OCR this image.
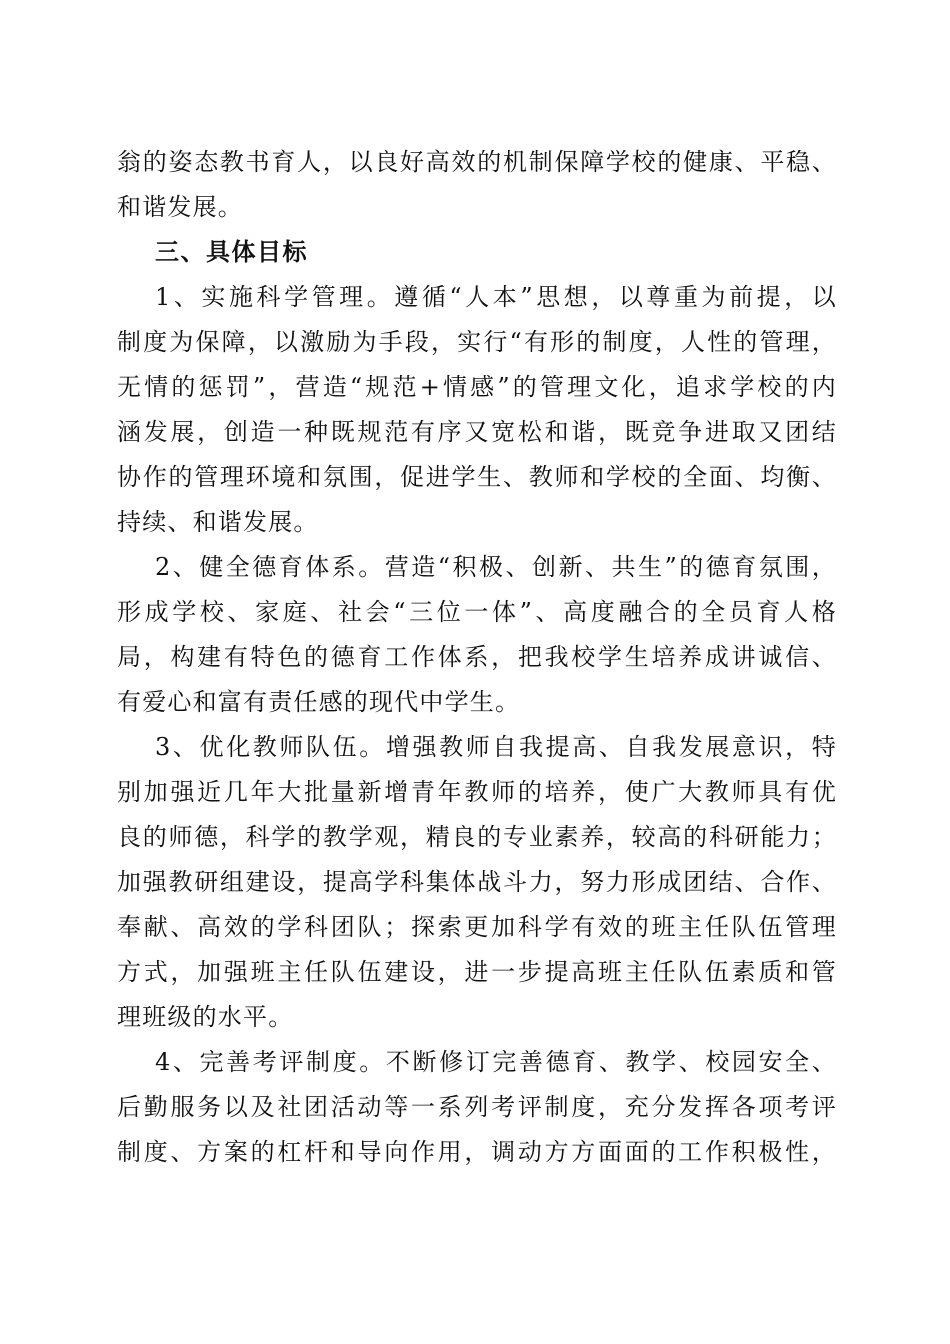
翁的姿态教书育人，以良好高效的机制保障学校的健康、平稳、
和谐发展。
三、具体目标
1、实施科学管理。遵循“人本”思想，以尊重为前提，以
制度为保障，以激励为手段，实行“有形的制度，人性的管理，
无情的惩罚”，营造“规范+情感”的管理文化，追求学校的内
涵发展，创造一种既规范有序又宽松和谐，既竞争进取又团结
协作的管理环境和氛围，促进学生、教师和学校的全面、均衡、
持续、和谐发展。
2、健全德育体系。营造“积极、创新、共生”的德育氛围，
形成学校、家庭、社会“三位一体”、高度融合的全员育人格
局，构建有特色的德育工作体系，把我校学生培养成讲诚信、
有爱心和富有责任感的现代中学生。
3、优化教师队伍。增强教师自我提高、自我发展意识，特
别加强近几年大批量新增青年教师的培养，使广大教师具有优
良的师德，科学的教学观，精良的专业素养，较高的科研能力；
加强教研组建设，提高学科集体战斗力，努力形成团结、合作、
奉献、高效的学科团队；探索更加科学有效的班主任队伍管理
方式，加强班主任队伍建设，进一步提高班主任队伍素质和管
理班级的水平。
4、完善考评制度。不断修订完善德育、教学、校园安全、
后勤服务以及社团活动等一系列考评制度，充分发挥各项考评
制度、方案的杠杆和导向作用，调动方方面面的工作积极性，
